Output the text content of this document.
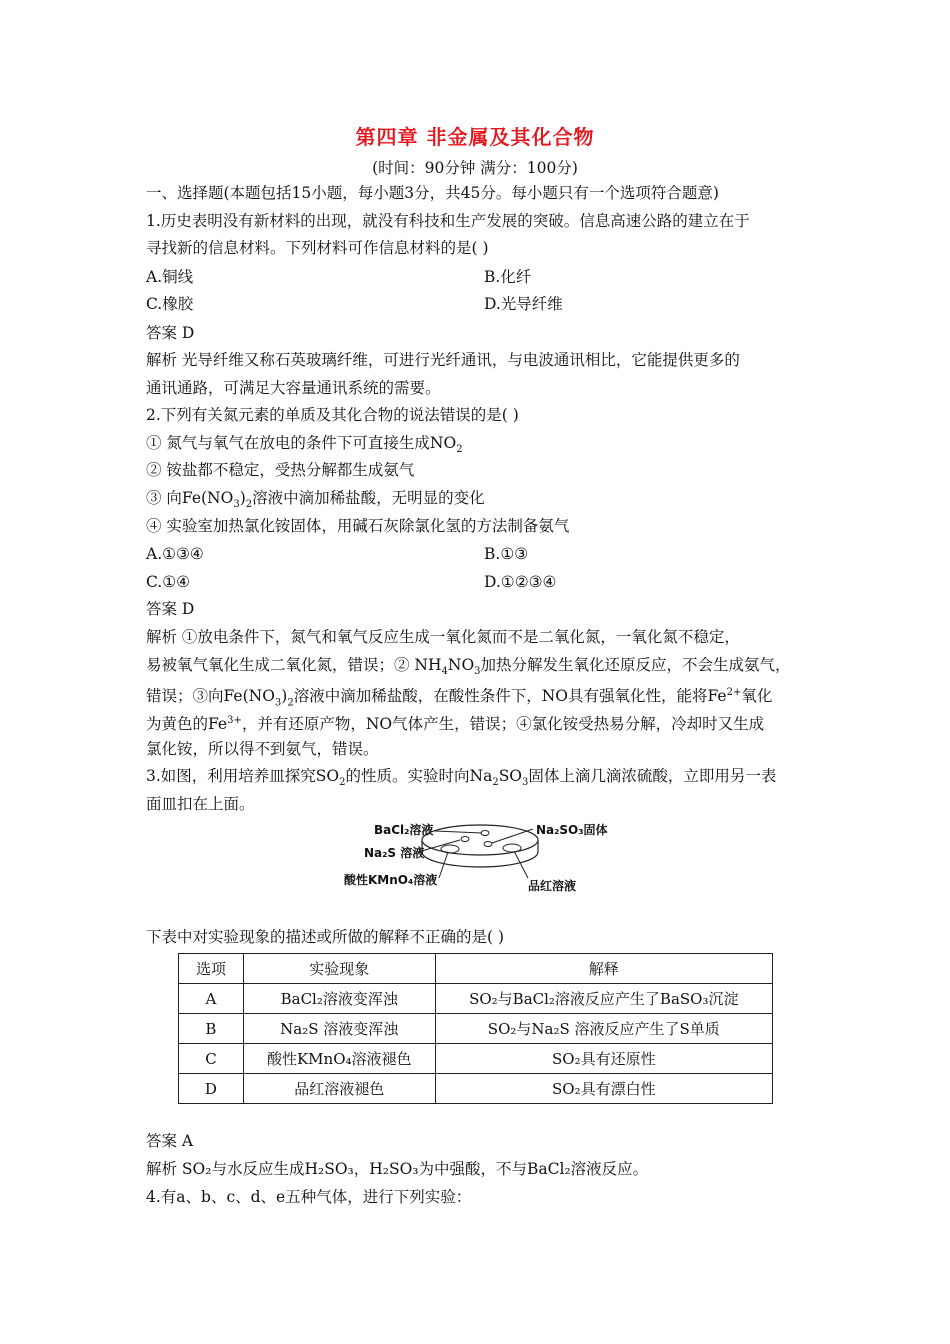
第四章 非金属及其化合物
(时间：90分钟 满分：100分)
一、选择题(本题包括15小题，每小题3分，共45分。每小题只有一个选项符合题意)
1.历史表明没有新材料的出现，就没有科技和生产发展的突破。信息高速公路的建立在于
寻找新的信息材料。下列材料可作信息材料的是( )
A.铜线	B.化纤
C.橡胶	D.光导纤维
答案 D
解析 光导纤维又称石英玻璃纤维，可进行光纤通讯，与电波通讯相比，它能提供更多的
通讯通路，可满足大容量通讯系统的需要。
2.下列有关氮元素的单质及其化合物的说法错误的是( )
① 氮气与氧气在放电的条件下可直接生成$NO_2$
② 铵盐都不稳定，受热分解都生成氨气
③ 向$Fe(NO_3)_2$溶液中滴加稀盐酸，无明显的变化
④ 实验室加热氯化铵固体，用碱石灰除氯化氢的方法制备氨气
A.①③④	B.①③
C.①④	D.①②③④
答案 D
解析 ①放电条件下，氮气和氧气反应生成一氧化氮而不是二氧化氮，一氧化氮不稳定，
易被氧气氧化生成二氧化氮，错误；② $NH_4NO_3$加热分解发生氧化还原反应，不会生成氨气，
错误；③向$Fe(NO_3)_2$溶液中滴加稀盐酸，在酸性条件下，NO具有强氧化性，能将$Fe^{2+}$氧化
为黄色的$Fe^{3+}$，并有还原产物，NO气体产生，错误；④氯化铵受热易分解，冷却时又生成
氯化铵，所以得不到氨气，错误。
3.如图，利用培养皿探究$SO_2$的性质。实验时向$Na_2SO_3$固体上滴几滴浓硫酸，立即用另一表
面皿扣在上面。
BaCl₂溶液	Na₂SO₃固体
Na₂S 溶液
酸性KMnO₄溶液	品红溶液
下表中对实验现象的描述或所做的解释不正确的是( )
选项	实验现象	解释
A	BaCl₂溶液变浑浊	SO₂与BaCl₂溶液反应产生了BaSO₃沉淀
B	Na₂S 溶液变浑浊	SO₂与Na₂S 溶液反应产生了S单质
C	酸性KMnO₄溶液褪色	SO₂具有还原性
D	品红溶液褪色	SO₂具有漂白性
答案 A
解析 SO₂与水反应生成H₂SO₃，H₂SO₃为中强酸，不与BaCl₂溶液反应。
4.有a、b、c、d、e五种气体，进行下列实验：
